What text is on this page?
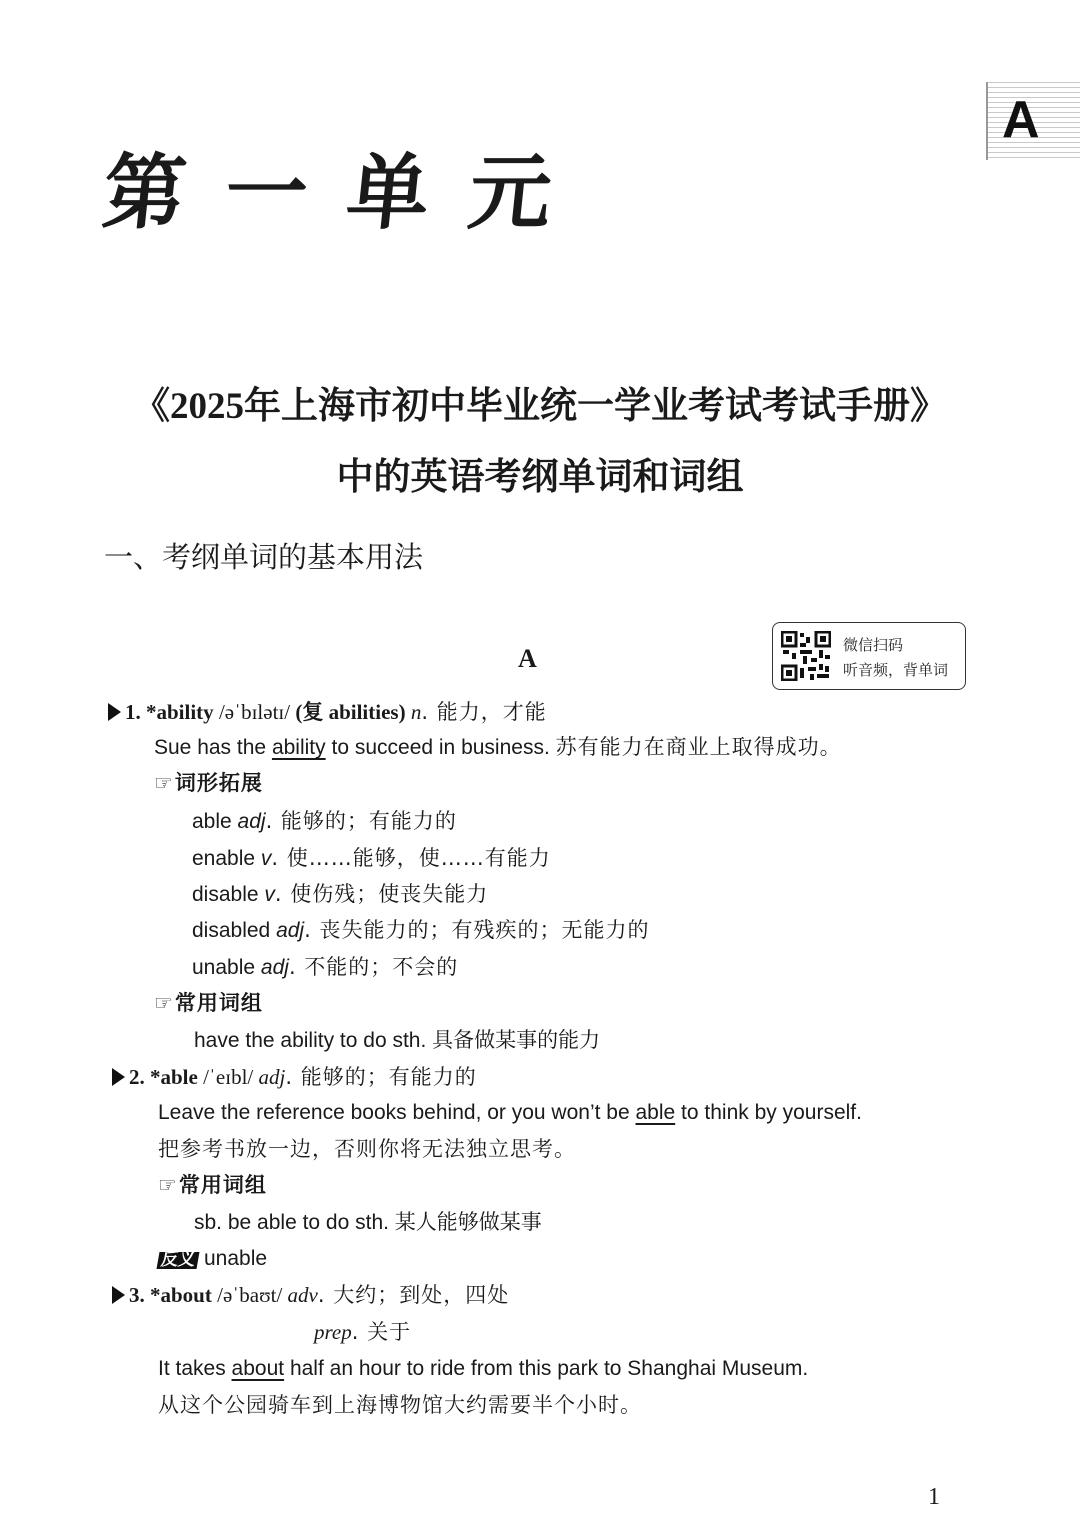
A
第一单元
《2025年上海市初中毕业统一学业考试考试手册》
中的英语考纲单词和词组
一、考纲单词的基本用法
A	微信扫码
听音频，背单词
1. *ability /əˈbɪlətɪ/ (复 abilities) n. 能力，才能
Sue has the ability to succeed in business. 苏有能力在商业上取得成功。
☞词形拓展
able adj. 能够的；有能力的
enable v. 使……能够，使……有能力
disable v. 使伤残；使丧失能力
disabled adj. 丧失能力的；有残疾的；无能力的
unable adj. 不能的；不会的
☞常用词组
have the ability to do sth. 具备做某事的能力
2. *able /ˈeɪbl/ adj. 能够的；有能力的
Leave the reference books behind, or you won’t be able to think by yourself.
把参考书放一边，否则你将无法独立思考。
☞常用词组
sb. be able to do sth. 某人能够做某事
反义 unable
3. *about /əˈbaʊt/ adv. 大约；到处，四处
prep. 关于
It takes about half an hour to ride from this park to Shanghai Museum.
从这个公园骑车到上海博物馆大约需要半个小时。
1
